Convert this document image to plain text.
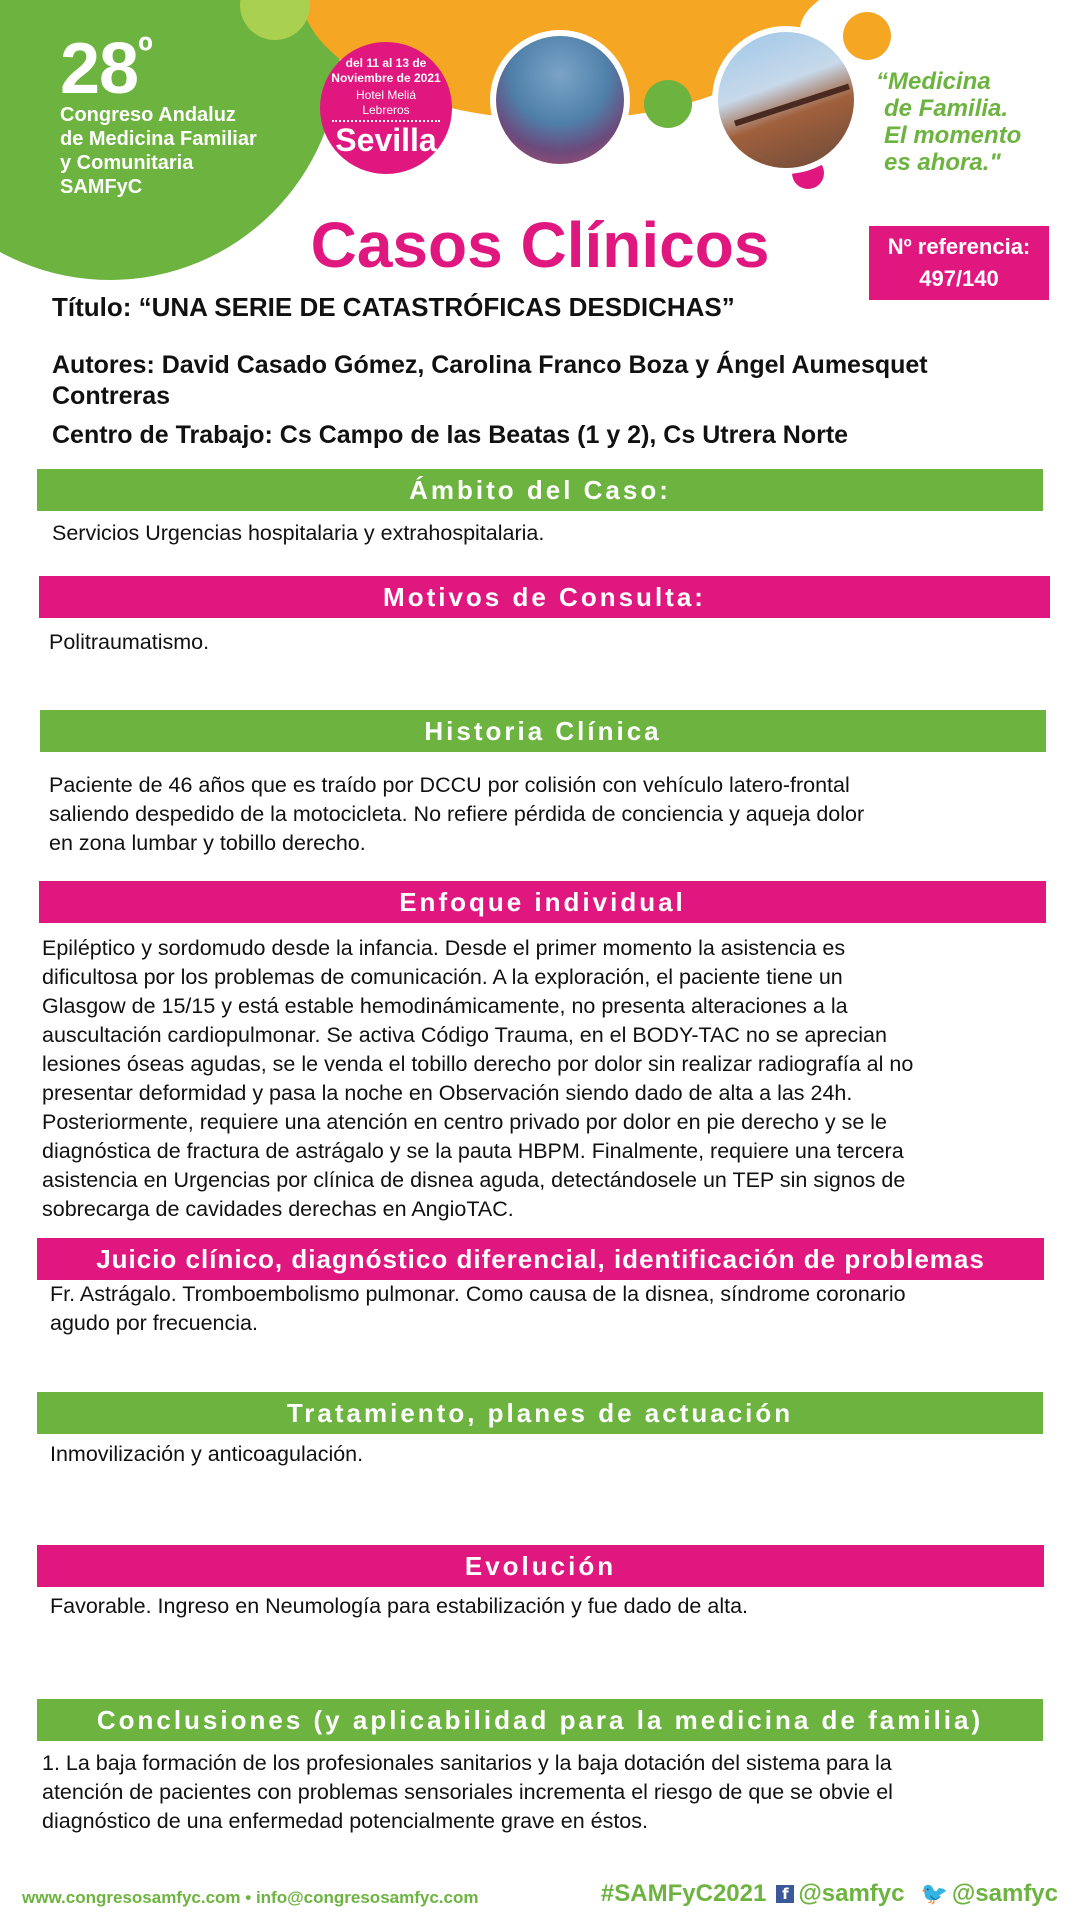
$28^º$
Congreso Andaluz
de Medicina Familiar
y Comunitaria
SAMFyC
del 11 al 13 de
Noviembre de 2021
Hotel Meliá Lebreros
Sevilla
“Medicina
de Familia.
El momento
es ahora."
Casos Clínicos	Nº referencia:
497/140
Título: “UNA SERIE DE CATASTRÓFICAS DESDICHAS”
Autores: David Casado Gómez, Carolina Franco Boza y Ángel Aumesquet
Contreras
Centro de Trabajo: Cs Campo de las Beatas (1 y 2), Cs Utrera Norte
Ámbito del Caso:
Servicios Urgencias hospitalaria y extrahospitalaria.
Motivos de Consulta:
Politraumatismo.
Historia Clínica
Paciente de 46 años que es traído por DCCU por colisión con vehículo latero-frontal
saliendo despedido de la motocicleta. No refiere pérdida de conciencia y aqueja dolor
en zona lumbar y tobillo derecho.
Enfoque individual
Epiléptico y sordomudo desde la infancia. Desde el primer momento la asistencia es
dificultosa por los problemas de comunicación. A la exploración, el paciente tiene un
Glasgow de 15/15 y está estable hemodinámicamente, no presenta alteraciones a la
auscultación cardiopulmonar. Se activa Código Trauma, en el BODY-TAC no se aprecian
lesiones óseas agudas, se le venda el tobillo derecho por dolor sin realizar radiografía al no
presentar deformidad y pasa la noche en Observación siendo dado de alta a las 24h.
Posteriormente, requiere una atención en centro privado por dolor en pie derecho y se le
diagnóstica de fractura de astrágalo y se la pauta HBPM. Finalmente, requiere una tercera
asistencia en Urgencias por clínica de disnea aguda, detectándosele un TEP sin signos de
sobrecarga de cavidades derechas en AngioTAC.
Juicio clínico, diagnóstico diferencial, identificación de problemas
Fr. Astrágalo. Tromboembolismo pulmonar. Como causa de la disnea, síndrome coronario
agudo por frecuencia.
Tratamiento, planes de actuación
Inmovilización y anticoagulación.
Evolución
Favorable. Ingreso en Neumología para estabilización y fue dado de alta.
Conclusiones (y aplicabilidad para la medicina de familia)
1. La baja formación de los profesionales sanitarios y la baja dotación del sistema para la
atención de pacientes con problemas sensoriales incrementa el riesgo de que se obvie el
diagnóstico de una enfermedad potencialmente grave en éstos.
www.congresosamfyc.com • info@congresosamfyc.com	#SAMFyC2021	f @samfyc 🐦 @samfyc
